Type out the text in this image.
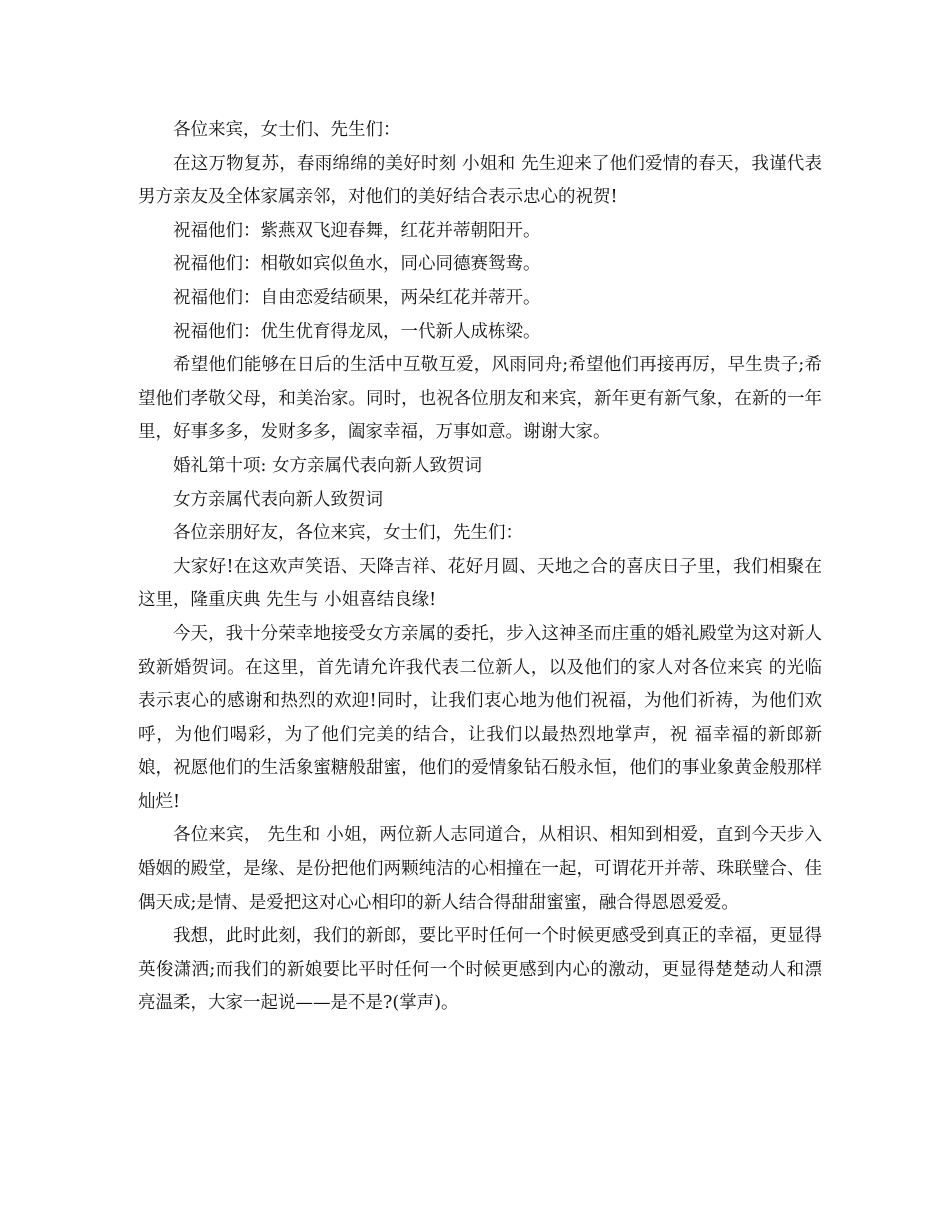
各位来宾，女士们、先生们：

在这万物复苏，春雨绵绵的美好时刻 小姐和 先生迎来了他们爱情的春天，我谨代表男方亲友及全体家属亲邻，对他们的美好结合表示忠心的祝贺!

祝福他们：紫燕双飞迎春舞，红花并蒂朝阳开。

祝福他们：相敬如宾似鱼水，同心同德赛鸳鸯。

祝福他们：自由恋爱结硕果，两朵红花并蒂开。

祝福他们：优生优育得龙凤，一代新人成栋梁。

希望他们能够在日后的生活中互敬互爱，风雨同舟;希望他们再接再厉，早生贵子;希望他们孝敬父母，和美治家。同时，也祝各位朋友和来宾，新年更有新气象，在新的一年里，好事多多，发财多多，阖家幸福，万事如意。谢谢大家。

婚礼第十项: 女方亲属代表向新人致贺词

女方亲属代表向新人致贺词

各位亲朋好友，各位来宾，女士们，先生们：

大家好!在这欢声笑语、天降吉祥、花好月圆、天地之合的喜庆日子里，我们相聚在这里，隆重庆典 先生与 小姐喜结良缘!

今天，我十分荣幸地接受女方亲属的委托，步入这神圣而庄重的婚礼殿堂为这对新人致新婚贺词。在这里，首先请允许我代表二位新人，以及他们的家人对各位来宾 的光临表示衷心的感谢和热烈的欢迎!同时，让我们衷心地为他们祝福，为他们祈祷，为他们欢呼，为他们喝彩，为了他们完美的结合，让我们以最热烈地掌声，祝 福幸福的新郎新娘，祝愿他们的生活象蜜糖般甜蜜，他们的爱情象钻石般永恒，他们的事业象黄金般那样灿烂!

各位来宾， 先生和 小姐，两位新人志同道合，从相识、相知到相爱，直到今天步入婚姻的殿堂，是缘、是份把他们两颗纯洁的心相撞在一起，可谓花开并蒂、珠联璧合、佳偶天成;是情、是爱把这对心心相印的新人结合得甜甜蜜蜜，融合得恩恩爱爱。

我想，此时此刻，我们的新郎，要比平时任何一个时候更感受到真正的幸福，更显得英俊潇洒;而我们的新娘要比平时任何一个时候更感到内心的激动，更显得楚楚动人和漂亮温柔，大家一起说——是不是?(掌声)。
